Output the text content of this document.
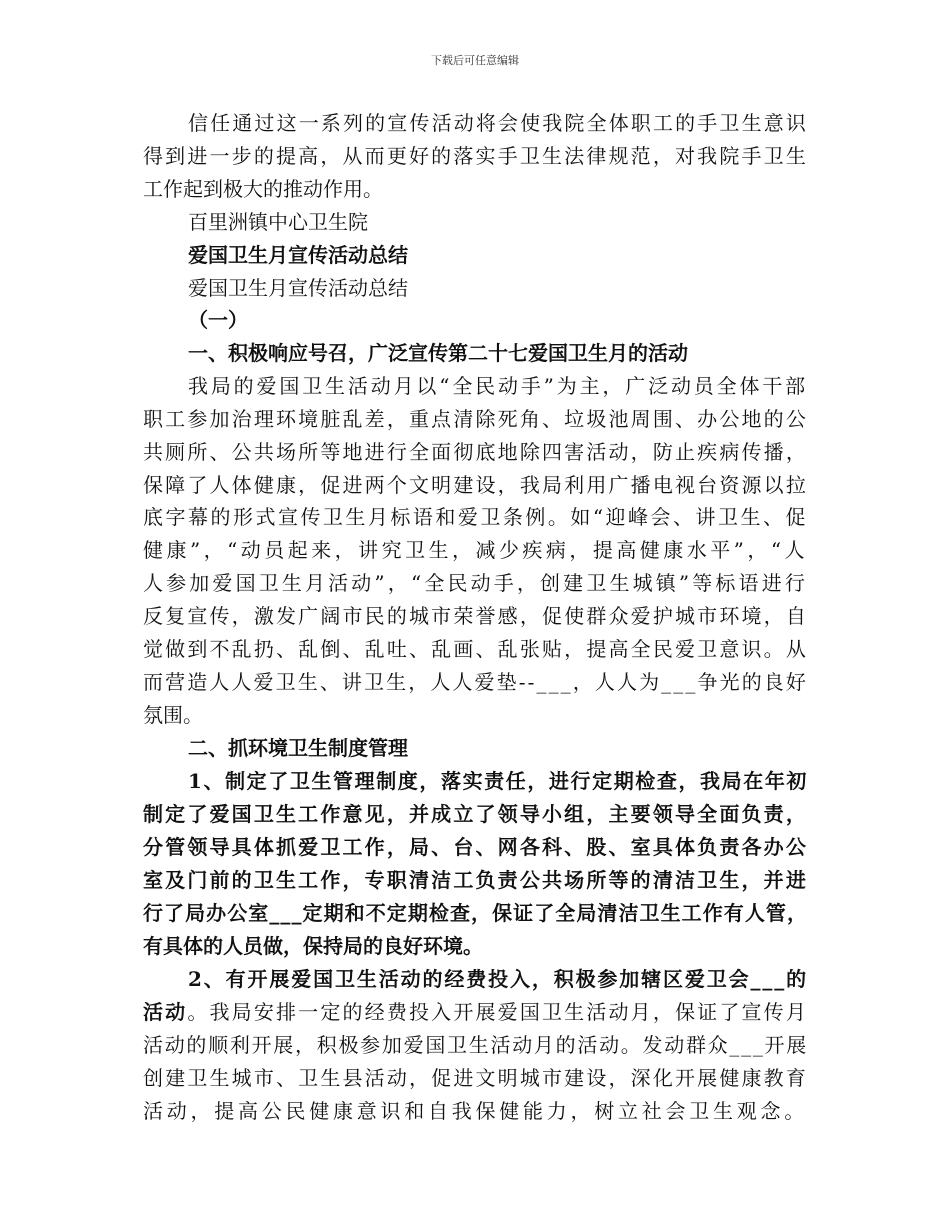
下载后可任意编辑
信任通过这一系列的宣传活动将会使我院全体职工的手卫生意识
得到进一步的提高，从而更好的落实手卫生法律规范，对我院手卫生
工作起到极大的推动作用。
百里洲镇中心卫生院
爱国卫生月宣传活动总结
爱国卫生月宣传活动总结
（一）
一、积极响应号召，广泛宣传第二十七爱国卫生月的活动
我局的爱国卫生活动月以“全民动手”为主，广泛动员全体干部
职工参加治理环境脏乱差，重点清除死角、垃圾池周围、办公地的公
共厕所、公共场所等地进行全面彻底地除四害活动，防止疾病传播，
保障了人体健康，促进两个文明建设，我局利用广播电视台资源以拉
底字幕的形式宣传卫生月标语和爱卫条例。如“迎峰会、讲卫生、促
健康”，“动员起来，讲究卫生，减少疾病，提高健康水平”，“人
人参加爱国卫生月活动”，“全民动手，创建卫生城镇”等标语进行
反复宣传，激发广阔市民的城市荣誉感，促使群众爱护城市环境，自
觉做到不乱扔、乱倒、乱吐、乱画、乱张贴，提高全民爱卫意识。从
而营造人人爱卫生、讲卫生，人人爱垫--___，人人为___争光的良好
氛围。
二、抓环境卫生制度管理
1、制定了卫生管理制度，落实责任，进行定期检查，我局在年初
制定了爱国卫生工作意见，并成立了领导小组，主要领导全面负责，
分管领导具体抓爱卫工作，局、台、网各科、股、室具体负责各办公
室及门前的卫生工作，专职清洁工负责公共场所等的清洁卫生，并进
行了局办公室___定期和不定期检查，保证了全局清洁卫生工作有人管，
有具体的人员做，保持局的良好环境。
2、有开展爱国卫生活动的经费投入，积极参加辖区爱卫会___的
活动。我局安排一定的经费投入开展爱国卫生活动月，保证了宣传月
活动的顺利开展，积极参加爱国卫生活动月的活动。发动群众___开展
创建卫生城市、卫生县活动，促进文明城市建设，深化开展健康教育
活动，提高公民健康意识和自我保健能力，树立社会卫生观念。
